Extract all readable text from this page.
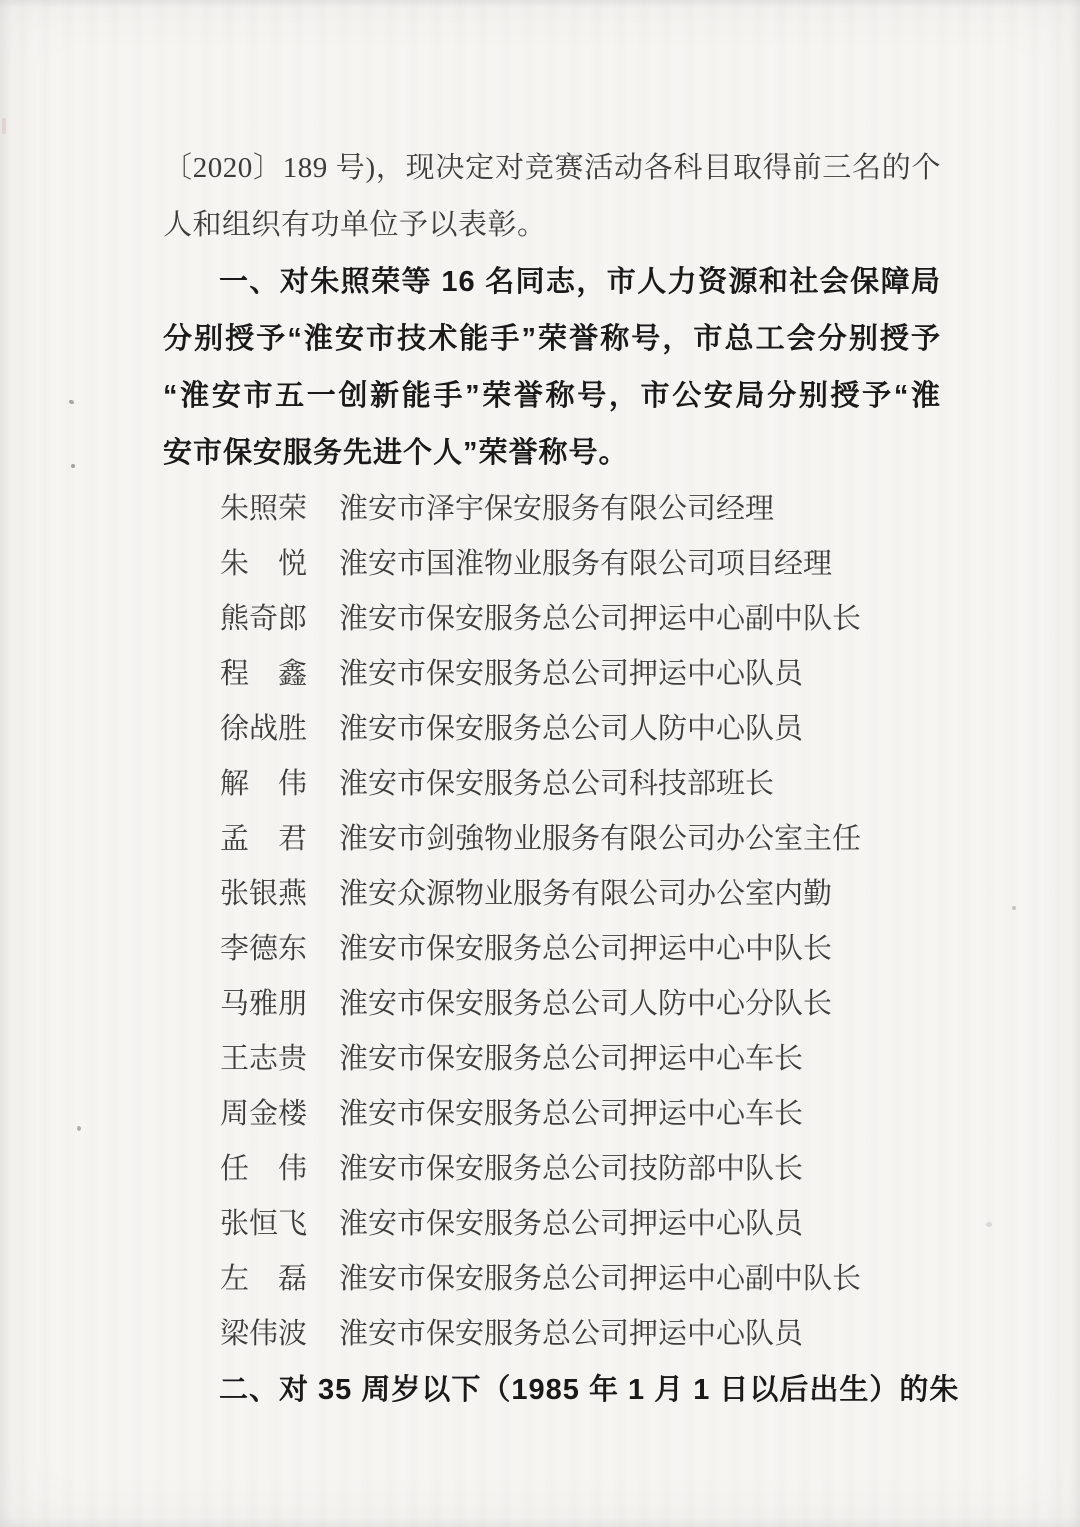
〔2020〕189 号)，现决定对竞赛活动各科目取得前三名的个

人和组织有功单位予以表彰。

一、对朱照荣等 16 名同志，市人力资源和社会保障局

分别授予“淮安市技术能手”荣誉称号，市总工会分别授予

“淮安市五一创新能手”荣誉称号，市公安局分别授予“淮

安市保安服务先进个人”荣誉称号。

朱照荣 淮安市泽宇保安服务有限公司经理
朱　悦 淮安市国淮物业服务有限公司项目经理
熊奇郎 淮安市保安服务总公司押运中心副中队长
程　鑫 淮安市保安服务总公司押运中心队员
徐战胜 淮安市保安服务总公司人防中心队员
解　伟 淮安市保安服务总公司科技部班长
孟　君 淮安市剑強物业服务有限公司办公室主任
张银燕 淮安众源物业服务有限公司办公室内勤
李德东 淮安市保安服务总公司押运中心中队长
马雅朋 淮安市保安服务总公司人防中心分队长
王志贵 淮安市保安服务总公司押运中心车长
周金楼 淮安市保安服务总公司押运中心车长
任　伟 淮安市保安服务总公司技防部中队长
张恒飞 淮安市保安服务总公司押运中心队员
左　磊 淮安市保安服务总公司押运中心副中队长
梁伟波 淮安市保安服务总公司押运中心队员

二、对 35 周岁以下（1985 年 1 月 1 日以后出生）的朱
